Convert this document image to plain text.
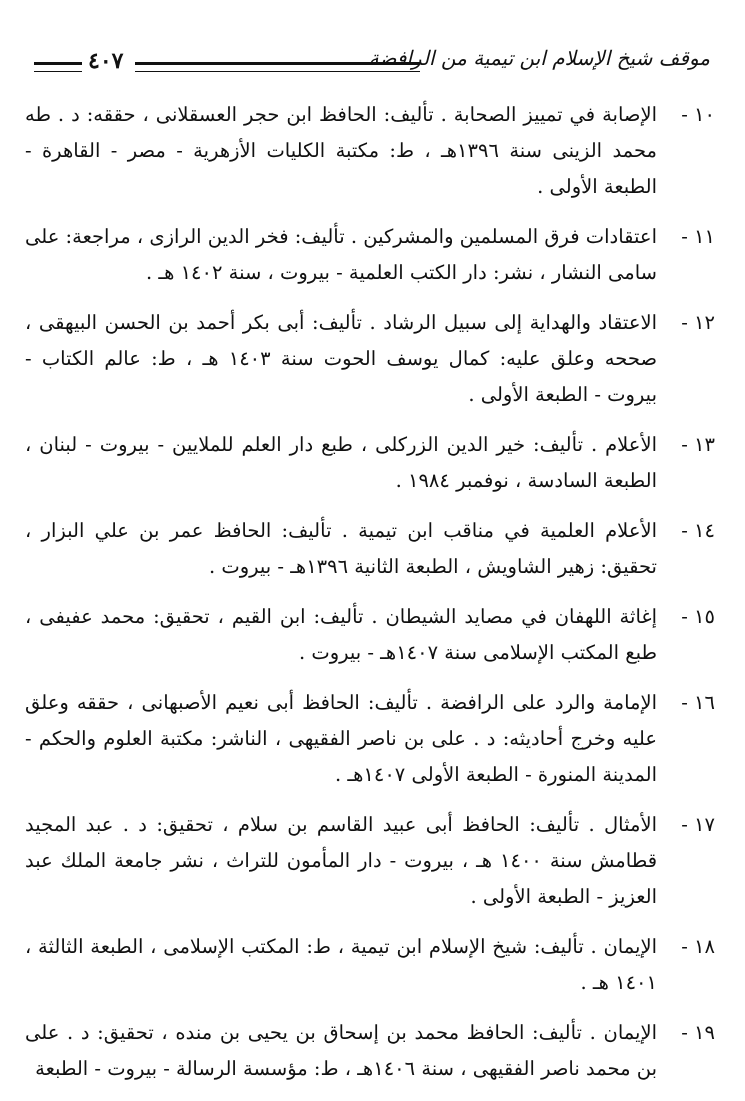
موقف شيخ الإسلام ابن تيمية من الرافضة
٤٠٧
١٠ -
الإصابة في تمييز الصحابة . تأليف: الحافظ ابن حجر العسقلانى ، حققه: د . طه محمد الزينى سنة ١٣٩٦هـ ، ط: مكتبة الكليات الأزهرية - مصر - القاهرة - الطبعة الأولى .
١١ -
اعتقادات فرق المسلمين والمشركين . تأليف: فخر الدين الرازى ، مراجعة: على سامى النشار ، نشر: دار الكتب العلمية - بيروت ، سنة ١٤٠٢ هـ .
١٢ -
الاعتقاد والهداية إلى سبيل الرشاد . تأليف: أبى بكر أحمد بن الحسن البيهقى ، صححه وعلق عليه: كمال يوسف الحوت سنة ١٤٠٣ هـ ، ط: عالم الكتاب - بيروت - الطبعة الأولى .
١٣ -
الأعلام . تأليف: خير الدين الزركلى ، طبع دار العلم للملايين - بيروت - لبنان ، الطبعة السادسة ، نوفمبر ١٩٨٤ .
١٤ -
الأعلام العلمية في مناقب ابن تيمية . تأليف: الحافظ عمر بن علي البزار ، تحقيق: زهير الشاويش ، الطبعة الثانية ١٣٩٦هـ - بيروت .
١٥ -
إغاثة اللهفان في مصايد الشيطان . تأليف: ابن القيم ، تحقيق: محمد عفيفى ، طبع المكتب الإسلامى سنة ١٤٠٧هـ - بيروت .
١٦ -
الإمامة والرد على الرافضة . تأليف: الحافظ أبى نعيم الأصبهانى ، حققه وعلق عليه وخرج أحاديثه: د . على بن ناصر الفقيهى ، الناشر: مكتبة العلوم والحكم - المدينة المنورة - الطبعة الأولى ١٤٠٧هـ .
١٧ -
الأمثال . تأليف: الحافظ أبى عبيد القاسم بن سلام ، تحقيق: د . عبد المجيد قطامش سنة ١٤٠٠ هـ ، بيروت - دار المأمون للتراث ، نشر جامعة الملك عبد العزيز - الطبعة الأولى .
١٨ -
الإيمان . تأليف: شيخ الإسلام ابن تيمية ، ط: المكتب الإسلامى ، الطبعة الثالثة ، ١٤٠١ هـ .
١٩ -
الإيمان . تأليف: الحافظ محمد بن إسحاق بن يحيى بن منده ، تحقيق: د . على بن محمد ناصر الفقيهى ، سنة ١٤٠٦هـ ، ط: مؤسسة الرسالة - بيروت - الطبعة
